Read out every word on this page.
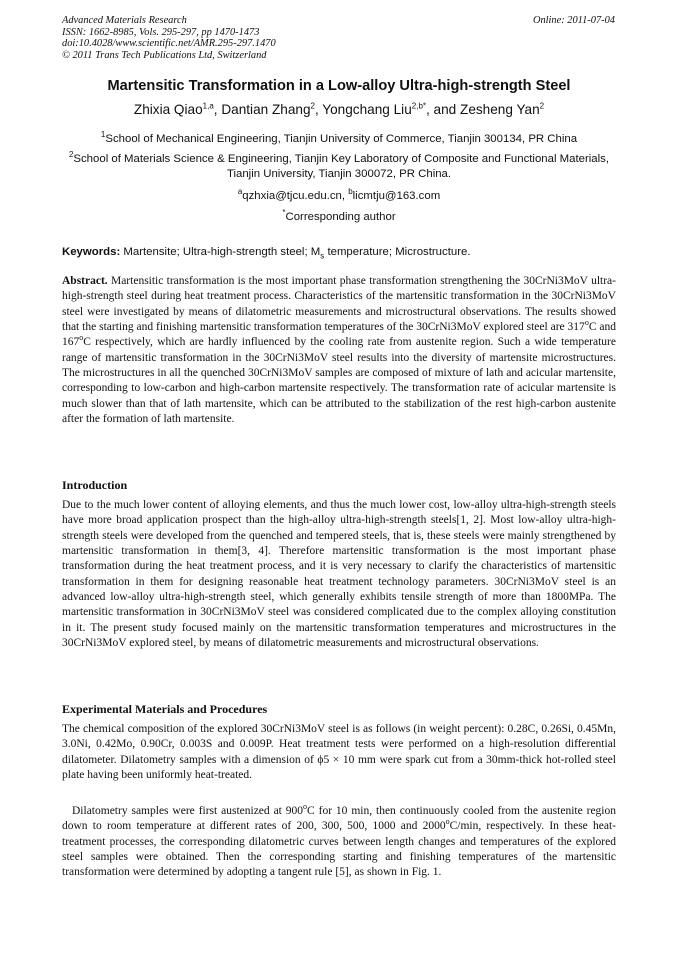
Advanced Materials Research
ISSN: 1662-8985, Vols. 295-297, pp 1470-1473
doi:10.4028/www.scientific.net/AMR.295-297.1470
© 2011 Trans Tech Publications Ltd, Switzerland
Online: 2011-07-04
Martensitic Transformation in a Low-alloy Ultra-high-strength Steel
Zhixia Qiao$^{1,a}$, Dantian Zhang$^2$, Yongchang Liu$^{2,b*}$, and Zesheng Yan$^2$
$^1$School of Mechanical Engineering, Tianjin University of Commerce, Tianjin 300134, PR China
$^2$School of Materials Science & Engineering, Tianjin Key Laboratory of Composite and Functional Materials, Tianjin University, Tianjin 300072, PR China.
$^a$qzhxia@tjcu.edu.cn, $^b$licmtju@163.com
*Corresponding author
Keywords: Martensite; Ultra-high-strength steel; $M_s$ temperature; Microstructure.

Abstract. Martensitic transformation is the most important phase transformation strengthening the 30CrNi3MoV ultra-high-strength steel during heat treatment process. Characteristics of the martensitic transformation in the 30CrNi3MoV steel were investigated by means of dilatometric measurements and microstructural observations. The results showed that the starting and finishing martensitic transformation temperatures of the 30CrNi3MoV explored steel are 317$^o$C and 167$^o$C respectively, which are hardly influenced by the cooling rate from austenite region. Such a wide temperature range of martensitic transformation in the 30CrNi3MoV steel results into the diversity of martensite microstructures. The microstructures in all the quenched 30CrNi3MoV samples are composed of mixture of lath and acicular martensite, corresponding to low-carbon and high-carbon martensite respectively. The transformation rate of acicular martensite is much slower than that of lath martensite, which can be attributed to the stabilization of the rest high-carbon austenite after the formation of lath martensite.

Introduction

Due to the much lower content of alloying elements, and thus the much lower cost, low-alloy ultra-high-strength steels have more broad application prospect than the high-alloy ultra-high-strength steels[1, 2]. Most low-alloy ultra-high-strength steels were developed from the quenched and tempered steels, that is, these steels were mainly strengthened by martensitic transformation in them[3, 4]. Therefore martensitic transformation is the most important phase transformation during the heat treatment process, and it is very necessary to clarify the characteristics of martensitic transformation in them for designing reasonable heat treatment technology parameters. 30CrNi3MoV steel is an advanced low-alloy ultra-high-strength steel, which generally exhibits tensile strength of more than 1800MPa. The martensitic transformation in 30CrNi3MoV steel was considered complicated due to the complex alloying constitution in it. The present study focused mainly on the martensitic transformation temperatures and microstructures in the 30CrNi3MoV explored steel, by means of dilatometric measurements and microstructural observations.

Experimental Materials and Procedures

The chemical composition of the explored 30CrNi3MoV steel is as follows (in weight percent): 0.28C, 0.26Si, 0.45Mn, 3.0Ni, 0.42Mo, 0.90Cr, 0.003S and 0.009P. Heat treatment tests were performed on a high-resolution differential dilatometer. Dilatometry samples with a dimension of ϕ5 × 10 mm were spark cut from a 30mm-thick hot-rolled steel plate having been uniformly heat-treated.

Dilatometry samples were first austenized at 900$^o$C for 10 min, then continuously cooled from the austenite region down to room temperature at different rates of 200, 300, 500, 1000 and 2000$^o$C/min, respectively. In these heat-treatment processes, the corresponding dilatometric curves between length changes and temperatures of the explored steel samples were obtained. Then the corresponding starting and finishing temperatures of the martensitic transformation were determined by adopting a tangent rule [5], as shown in Fig. 1.
